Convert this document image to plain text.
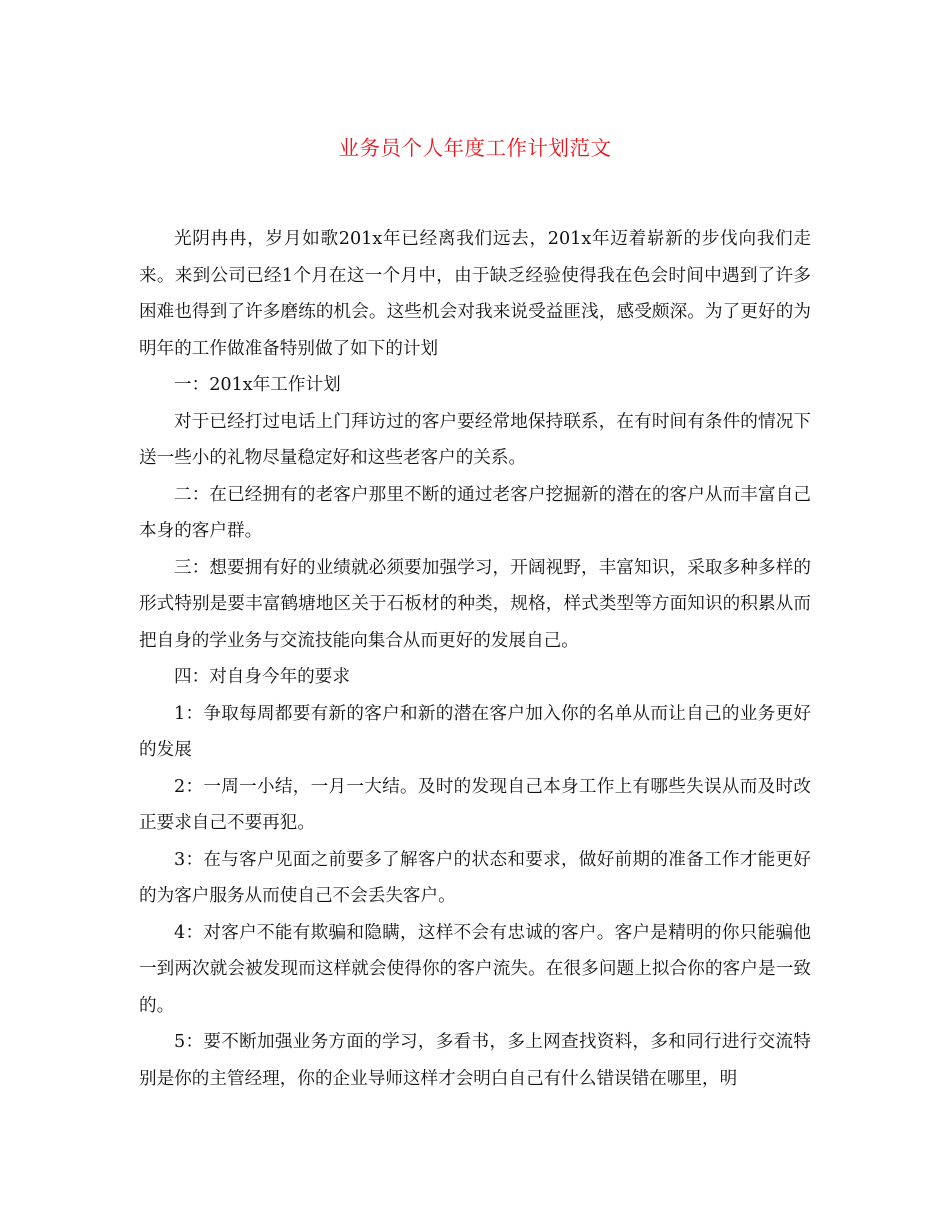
业务员个人年度工作计划范文

光阴冉冉，岁月如歌201x年已经离我们远去，201x年迈着崭新的步伐向我们走来。来到公司已经1个月在这一个月中，由于缺乏经验使得我在色会时间中遇到了许多困难也得到了许多磨练的机会。这些机会对我来说受益匪浅，感受颇深。为了更好的为明年的工作做准备特别做了如下的计划

一：201x年工作计划

对于已经打过电话上门拜访过的客户要经常地保持联系，在有时间有条件的情况下送一些小的礼物尽量稳定好和这些老客户的关系。

二：在已经拥有的老客户那里不断的通过老客户挖掘新的潜在的客户从而丰富自己本身的客户群。

三：想要拥有好的业绩就必须要加强学习，开阔视野，丰富知识，采取多种多样的形式特别是要丰富鹤塘地区关于石板材的种类，规格，样式类型等方面知识的积累从而把自身的学业务与交流技能向集合从而更好的发展自己。

四：对自身今年的要求

1：争取每周都要有新的客户和新的潜在客户加入你的名单从而让自己的业务更好的发展

2：一周一小结，一月一大结。及时的发现自己本身工作上有哪些失误从而及时改正要求自己不要再犯。

3：在与客户见面之前要多了解客户的状态和要求，做好前期的准备工作才能更好的为客户服务从而使自己不会丢失客户。

4：对客户不能有欺骗和隐瞒，这样不会有忠诚的客户。客户是精明的你只能骗他一到两次就会被发现而这样就会使得你的客户流失。在很多问题上拟合你的客户是一致的。

5：要不断加强业务方面的学习，多看书，多上网查找资料，多和同行进行交流特别是你的主管经理，你的企业导师这样才会明白自己有什么错误错在哪里，明
